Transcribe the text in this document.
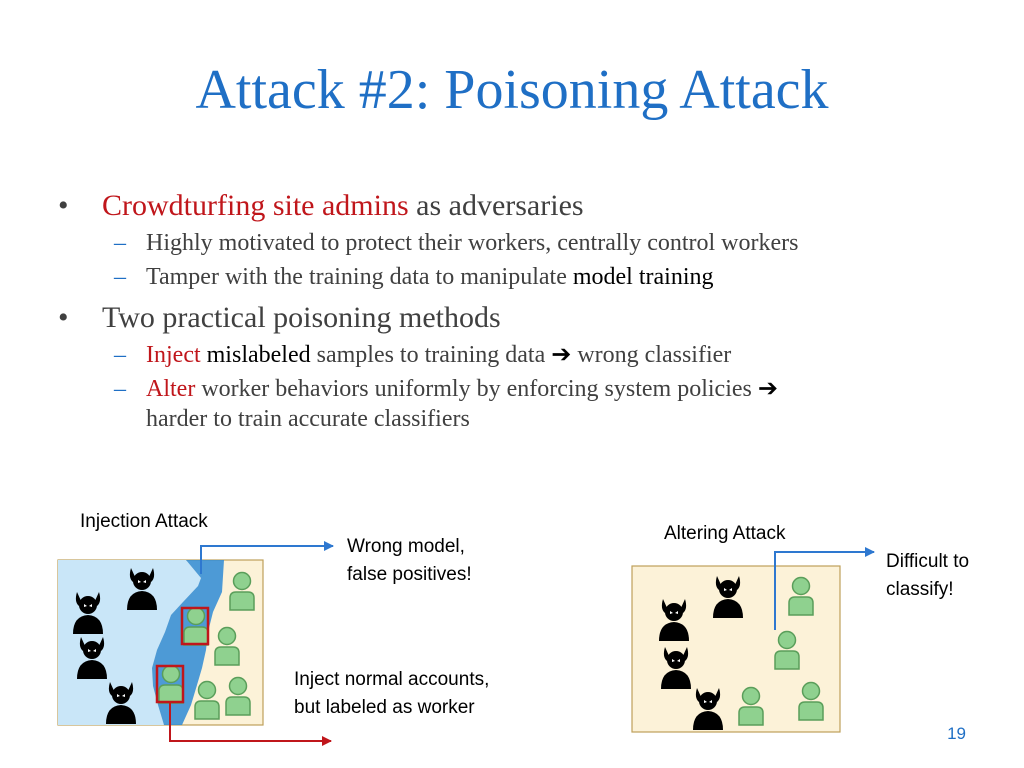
Attack #2: Poisoning Attack
• Crowdturfing site admins as adversaries
– Highly motivated to protect their workers, centrally control workers
– Tamper with the training data to manipulate model training
• Two practical poisoning methods
– Inject mislabeled samples to training data ➔ wrong classifier
– Alter worker behaviors uniformly by enforcing system policies ➔
harder to train accurate classifiers
Injection Attack
Wrong model,
false positives!
Inject normal accounts,
but labeled as worker
Altering Attack
Difficult to
classify!
19
